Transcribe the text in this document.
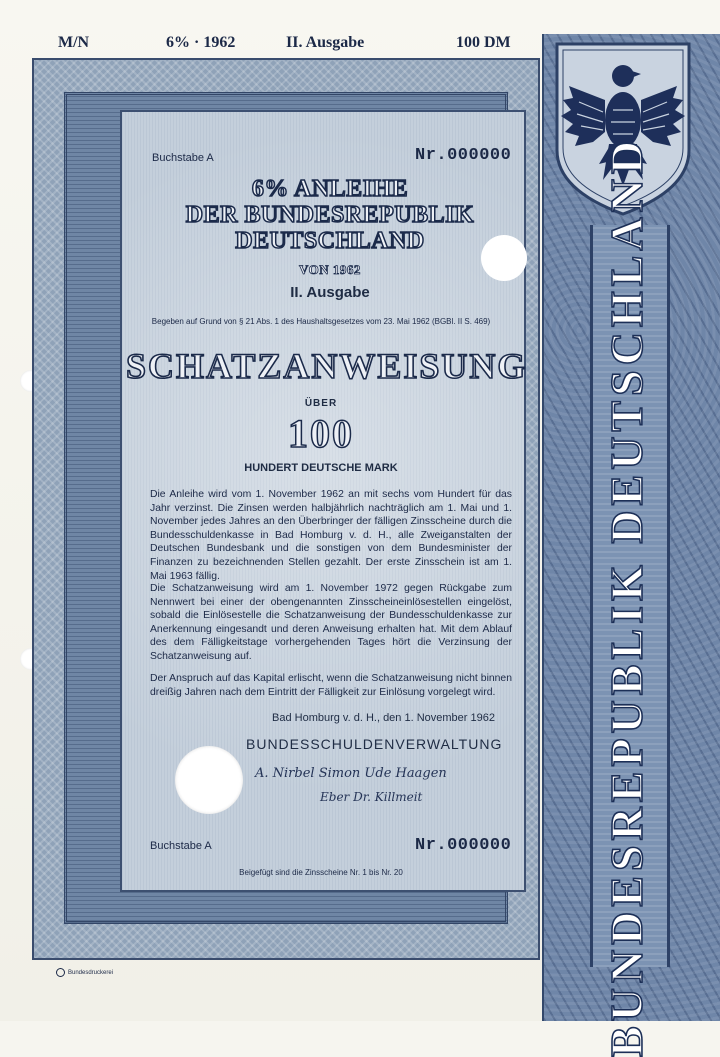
M/N	6% · 1962	II. Ausgabe	100 DM
Buchstabe A	Nr.000000
6% ANLEIHE
DER BUNDESREPUBLIK
DEUTSCHLAND
VON 1962
II. Ausgabe
Begeben auf Grund von § 21 Abs. 1 des Haushaltsgesetzes vom 23. Mai 1962 (BGBl. II S. 469)
SCHATZANWEISUNG
ÜBER
100
HUNDERT DEUTSCHE MARK
Die Anleihe wird vom 1. November 1962 an mit sechs vom Hundert für das Jahr verzinst. Die Zinsen werden halbjährlich nachträglich am 1. Mai und 1. November jedes Jahres an den Überbringer der fälligen Zinsscheine durch die Bundesschuldenkasse in Bad Homburg v. d. H., alle Zweiganstalten der Deutschen Bundesbank und die sonstigen von dem Bundesminister der Finanzen zu bezeichnenden Stellen gezahlt. Der erste Zinsschein ist am 1. Mai 1963 fällig.
Die Schatzanweisung wird am 1. November 1972 gegen Rückgabe zum Nennwert bei einer der obengenannten Zinsscheineinlösestellen eingelöst, sobald die Einlösestelle die Schatzanweisung der Bundesschuldenkasse zur Anerkennung eingesandt und deren Anweisung erhalten hat. Mit dem Ablauf des dem Fälligkeitstage vorhergehenden Tages hört die Verzinsung der Schatzanweisung auf.
Der Anspruch auf das Kapital erlischt, wenn die Schatzanweisung nicht binnen dreißig Jahren nach dem Eintritt der Fälligkeit zur Einlösung vorgelegt wird.
Bad Homburg v. d. H., den 1. November 1962
BUNDESSCHULDENVERWALTUNG
A. Nirbel Simon Ude Haagen
Eber Dr. Killmeit
Buchstabe A	Nr.000000
Beigefügt sind die Zinsscheine Nr. 1 bis Nr. 20
Bundesdruckerei	BUNDESREPUBLIK DEUTSCHLAND
